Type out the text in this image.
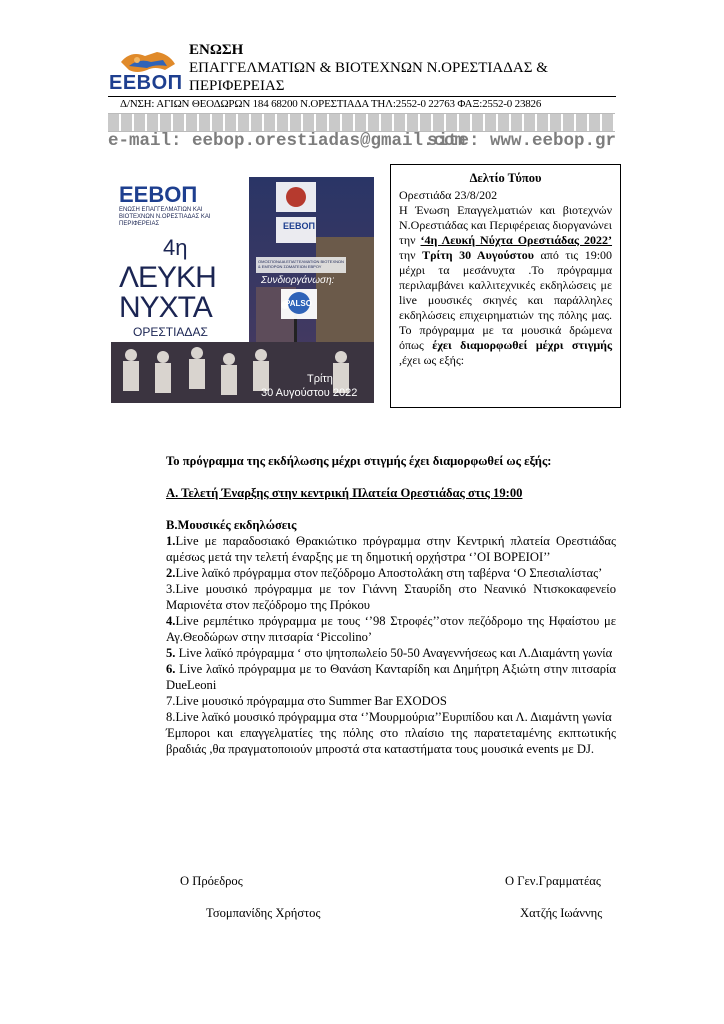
ΕΕΒΟΠ
ΕΝΩΣΗ
ΕΠΑΓΓΕΛΜΑΤΙΩΝ & ΒΙΟΤΕΧΝΩΝ Ν.ΟΡΕΣΤΙΑΔΑΣ &
ΠΕΡΙΦΕΡΕΙΑΣ
Δ/ΝΣΗ: ΑΓΙΩΝ ΘΕΟΔΩΡΩΝ 184 68200 Ν.ΟΡΕΣΤΙΑΔΑ ΤΗΛ:2552-0 22763 ΦΑΞ:2552-0 23826
e-mail: eebop.orestiadas@gmail.com
site: www.eebop.gr
ΕΕΒΟΠ
ΕΝΩΣΗ ΕΠΑΓΓΕΛΜΑΤΙΩΝ ΚΑΙ ΒΙΟΤΕΧΝΩΝ Ν.ΟΡΕΣΤΙΑΔΑΣ ΚΑΙ ΠΕΡΙΦΕΡΕΙΑΣ
4η
ΛΕΥΚΗ
ΝΥΧΤΑ
ΟΡΕΣΤΙΑΔΑΣ
ΕΕΒΟΠ
ΟΜΟΣΠΟΝΔΙΑ ΕΠΑΓΓΕΛΜΑΤΙΩΝ ΒΙΟΤΕΧΝΩΝ & ΕΜΠΟΡΩΝ ΣΩΜΑΤΕΙΩΝ ΕΒΡΟΥ
Συνδιοργάνωση:
PALSO
Τρίτη
30 Αυγούστου 2022
Δελτίο Τύπου
Ορεστιάδα 23/8/202
Η Ένωση Επαγγελματιών και βιοτεχνών Ν.Ορεστιάδας και Περιφέρειας διοργανώνει την ‘4η Λευκή Νύχτα Ορεστιάδας 2022’ την Τρίτη 30 Αυγούστου από τις 19:00 μέχρι τα μεσάνυχτα .Το πρόγραμμα περιλαμβάνει καλλιτεχνικές εκδηλώσεις με live μουσικές σκηνές και παράλληλες εκδηλώσεις επιχειρηματιών της πόλης μας. Το πρόγραμμα με τα μουσικά δρώμενα όπως έχει διαμορφωθεί μέχρι στιγμής ,έχει ως εξής:
Το πρόγραμμα της εκδήλωσης μέχρι στιγμής έχει διαμορφωθεί ως εξής:
Α. Τελετή Έναρξης στην κεντρική Πλατεία Ορεστιάδας στις 19:00
Β.Μουσικές εκδηλώσεις
1.Live με παραδοσιακό Θρακιώτικο πρόγραμμα στην Κεντρική πλατεία Ορεστιάδας αμέσως μετά την τελετή έναρξης με τη δημοτική ορχήστρα ‘’ΟΙ ΒΟΡΕΙΟΙ’’
2.Live λαϊκό πρόγραμμα στον πεζόδρομο Αποστολάκη στη ταβέρνα ‘Ο Σπεσιαλίστας’
3.Live μουσικό πρόγραμμα με τον Γιάννη Σταυρίδη στο Νεανικό Ντισκοκαφενείο Μαριονέτα στον πεζόδρομο της Πρόκου
4.Live ρεμπέτικο πρόγραμμα με τους ‘’98 Στροφές’’στον πεζόδρομο της Ηφαίστου με Αγ.Θεοδώρων στην πιτσαρία ‘Piccolino’
5. Live λαϊκό πρόγραμμα ‘ στο ψητοπωλείο 50-50 Αναγεννήσεως και Λ.Διαμάντη γωνία
6. Live λαϊκό πρόγραμμα με το Θανάση Κανταρίδη και Δημήτρη Αξιώτη στην πιτσαρία DueLeoni
7.Live μουσικό πρόγραμμα στο Summer Bar EXODOS
8.Live λαϊκό μουσικό πρόγραμμα στα ‘’Μουρμούρια’’Ευριπίδου και Λ. Διαμάντη γωνία
Έμποροι και επαγγελματίες της πόλης στο πλαίσιο της παρατεταμένης εκπτωτικής βραδιάς ,θα πραγματοποιούν μπροστά στα καταστήματα τους μουσικά events με DJ.
Ο Πρόεδρος
Τσομπανίδης Χρήστος
Ο Γεν.Γραμματέας
Χατζής Ιωάννης
